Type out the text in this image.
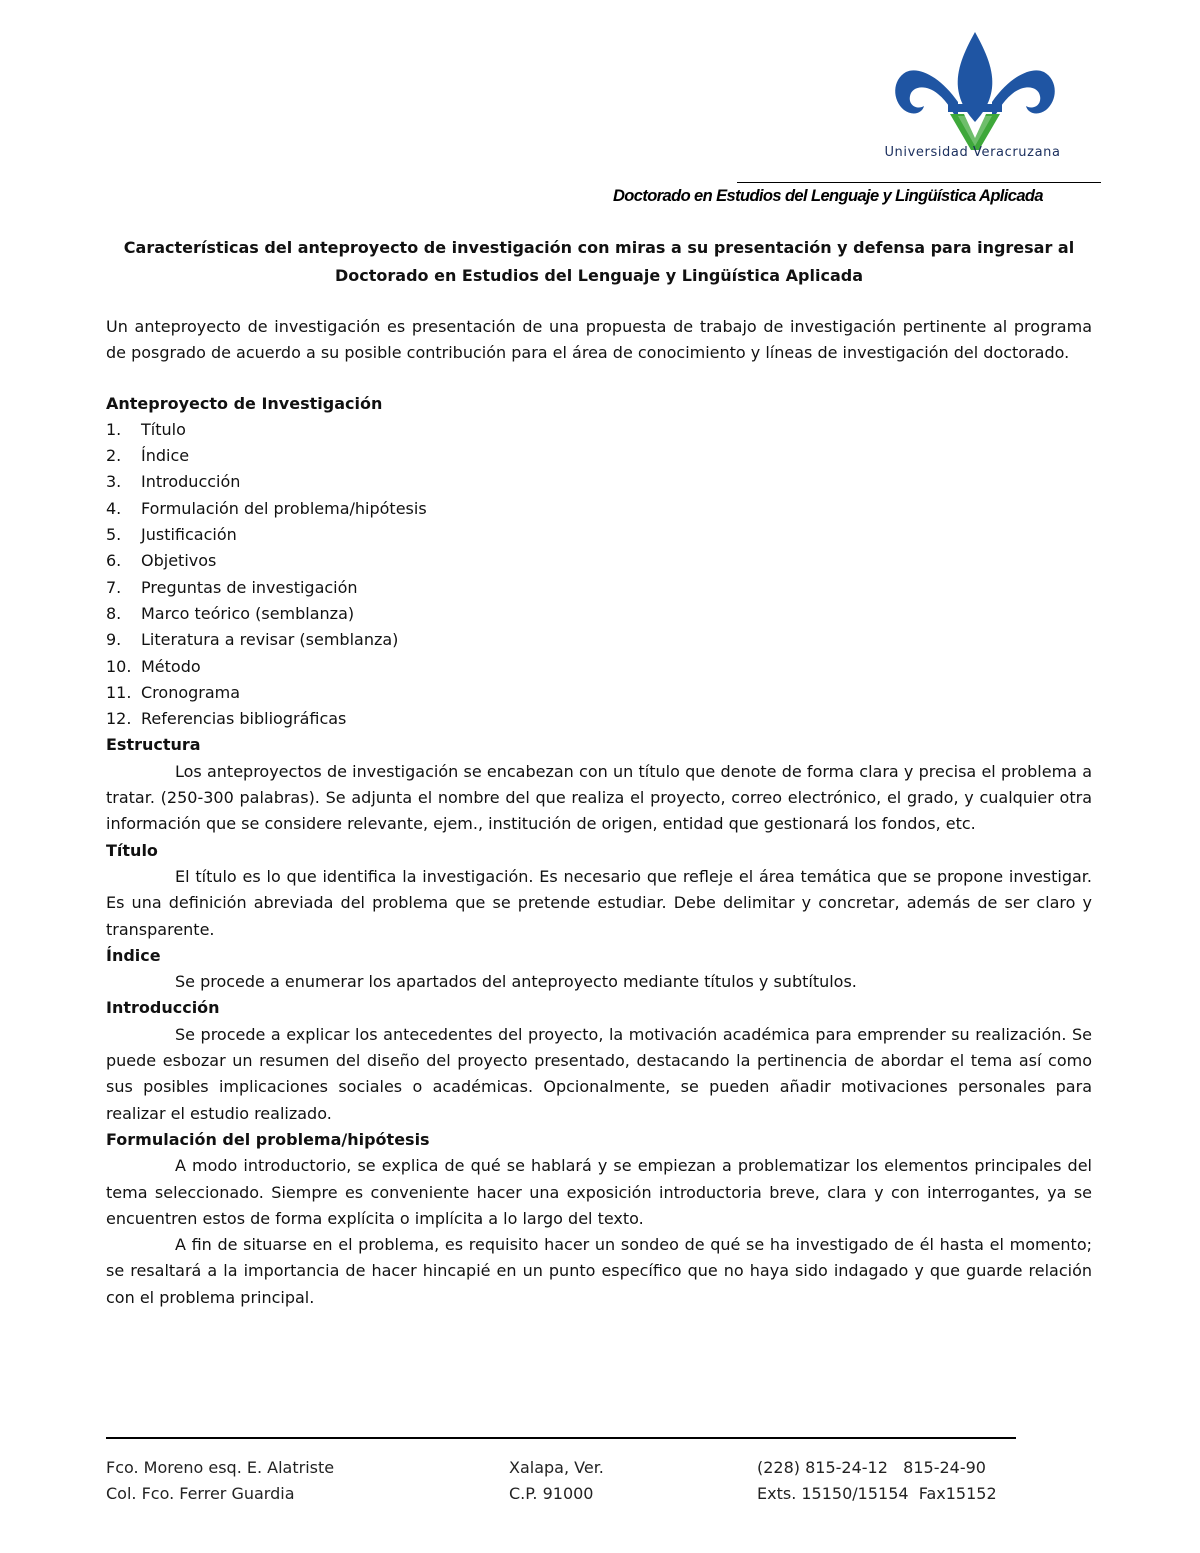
Universidad Veracruzana
Doctorado en Estudios del Lenguaje y Lingüística Aplicada

Características del anteproyecto de investigación con miras a su presentación y defensa para ingresar al
Doctorado en Estudios del Lenguaje y Lingüística Aplicada

Un anteproyecto de investigación es presentación de una propuesta de trabajo de investigación pertinente al programa de posgrado de acuerdo a su posible contribución para el área de conocimiento y líneas de investigación del doctorado.

Anteproyecto de Investigación

1.	Título
2.	Índice
3.	Introducción
4.	Formulación del problema/hipótesis
5.	Justificación
6.	Objetivos
7.	Preguntas de investigación
8.	Marco teórico (semblanza)
9.	Literatura a revisar (semblanza)
10. Método
11. Cronograma
12. Referencias bibliográficas

Estructura

Los anteproyectos de investigación se encabezan con un título que denote de forma clara y precisa el problema a tratar. (250-300 palabras). Se adjunta el nombre del que realiza el proyecto, correo electrónico, el grado, y cualquier otra información que se considere relevante, ejem., institución de origen, entidad que gestionará los fondos, etc.

Título

El título es lo que identifica la investigación. Es necesario que refleje el área temática que se propone investigar. Es una definición abreviada del problema que se pretende estudiar. Debe delimitar y concretar, además de ser claro y transparente.

Índice

Se procede a enumerar los apartados del anteproyecto mediante títulos y subtítulos.

Introducción

Se procede a explicar los antecedentes del proyecto, la motivación académica para emprender su realización. Se puede esbozar un resumen del diseño del proyecto presentado, destacando la pertinencia de abordar el tema así como sus posibles implicaciones sociales o académicas. Opcionalmente, se pueden añadir motivaciones personales para realizar el estudio realizado.

Formulación del problema/hipótesis

A modo introductorio, se explica de qué se hablará y se empiezan a problematizar los elementos principales del tema seleccionado. Siempre es conveniente hacer una exposición introductoria breve, clara y con interrogantes, ya se encuentren estos de forma explícita o implícita a lo largo del texto.

A fin de situarse en el problema, es requisito hacer un sondeo de qué se ha investigado de él hasta el momento; se resaltará a la importancia de hacer hincapié en un punto específico que no haya sido indagado y que guarde relación con el problema principal.

Fco. Moreno esq. E. Alatriste
Col. Fco. Ferrer Guardia
Xalapa, Ver.
C.P. 91000
(228) 815-24-12   815-24-90
Exts. 15150/15154  Fax15152
